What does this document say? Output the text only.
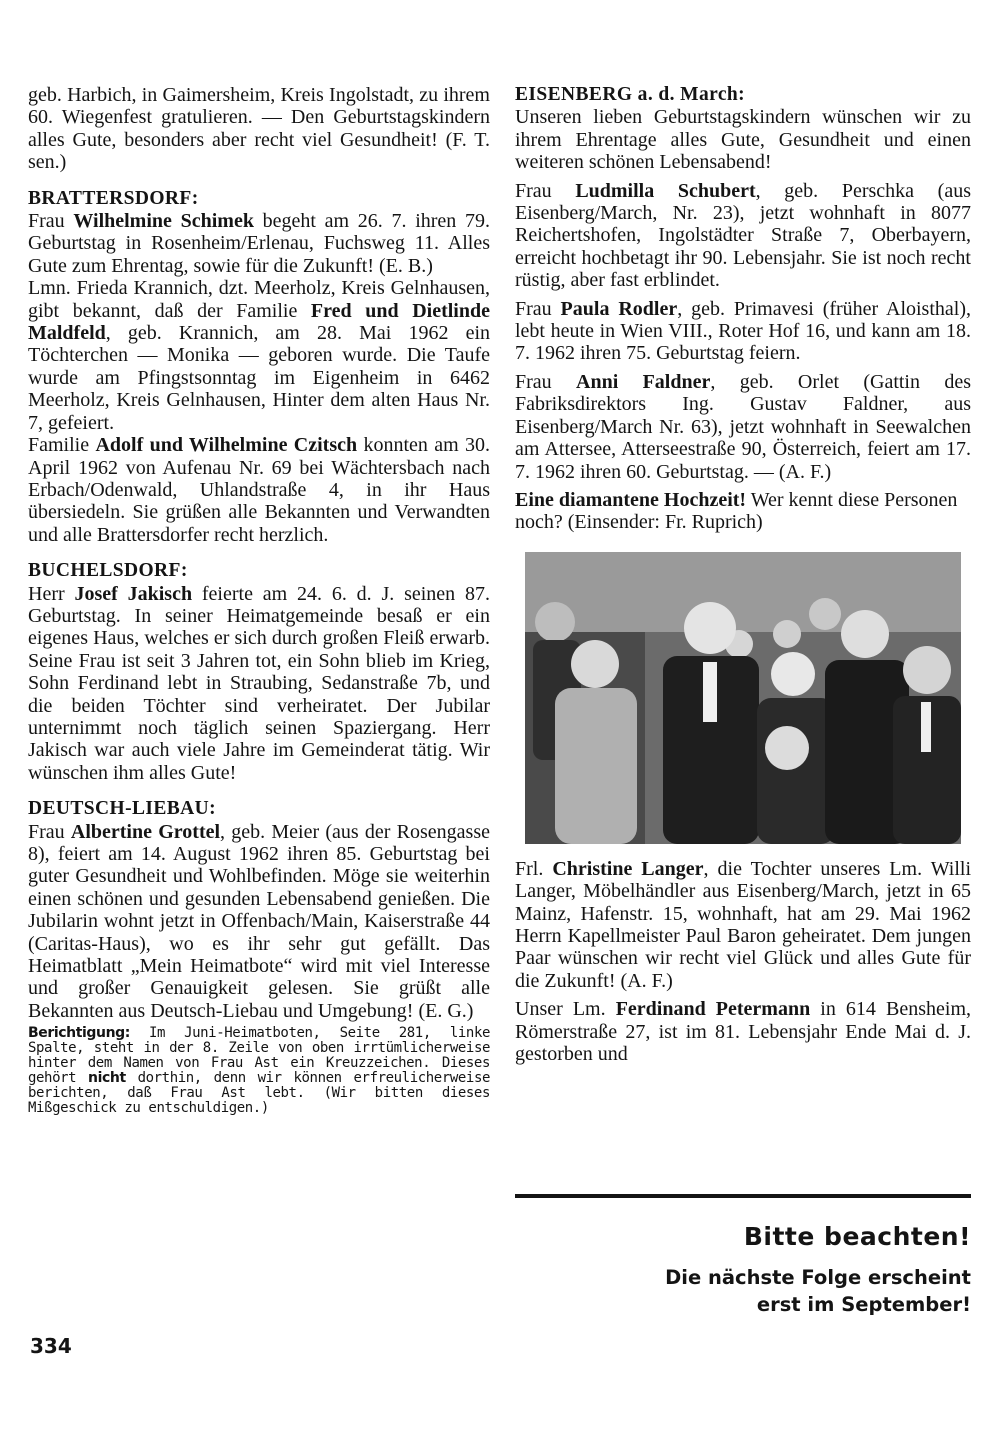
geb. Harbich, in Gaimersheim, Kreis Ingolstadt, zu ihrem 60. Wiegenfest gratulieren. — Den Geburtstagskindern alles Gute, besonders aber recht viel Gesundheit! (F. T. sen.)

BRATTERSDORF:

Frau Wilhelmine Schimek begeht am 26. 7. ihren 79. Geburtstag in Rosenheim/Erlenau, Fuchsweg 11. Alles Gute zum Ehrentag, sowie für die Zukunft! (E. B.)

Lmn. Frieda Krannich, dzt. Meerholz, Kreis Gelnhausen, gibt bekannt, daß der Familie Fred und Dietlinde Maldfeld, geb. Krannich, am 28. Mai 1962 ein Töchterchen — Monika — geboren wurde. Die Taufe wurde am Pfingstsonntag im Eigenheim in 6462 Meerholz, Kreis Gelnhausen, Hinter dem alten Haus Nr. 7, gefeiert.

Familie Adolf und Wilhelmine Czitsch konnten am 30. April 1962 von Aufenau Nr. 69 bei Wächtersbach nach Erbach/Odenwald, Uhlandstraße 4, in ihr Haus übersiedeln. Sie grüßen alle Bekannten und Verwandten und alle Brattersdorfer recht herzlich.

BUCHELSDORF:

Herr Josef Jakisch feierte am 24. 6. d. J. seinen 87. Geburtstag. In seiner Heimatgemeinde besaß er ein eigenes Haus, welches er sich durch großen Fleiß erwarb. Seine Frau ist seit 3 Jahren tot, ein Sohn blieb im Krieg, Sohn Ferdinand lebt in Straubing, Sedanstraße 7b, und die beiden Töchter sind verheiratet. Der Jubilar unternimmt noch täglich seinen Spaziergang. Herr Jakisch war auch viele Jahre im Gemeinderat tätig. Wir wünschen ihm alles Gute!

DEUTSCH-LIEBAU:

Frau Albertine Grottel, geb. Meier (aus der Rosengasse 8), feiert am 14. August 1962 ihren 85. Geburtstag bei guter Gesundheit und Wohlbefinden. Möge sie weiterhin einen schönen und gesunden Lebensabend genießen. Die Jubilarin wohnt jetzt in Offenbach/Main, Kaiserstraße 44 (Caritas-Haus), wo es ihr sehr gut gefällt. Das Heimatblatt „Mein Heimatbote“ wird mit viel Interesse und großer Genauigkeit gelesen. Sie grüßt alle Bekannten aus Deutsch-Liebau und Umgebung! (E. G.)

Berichtigung: Im Juni-Heimatboten, Seite 281, linke Spalte, steht in der 8. Zeile von oben irrtümlicherweise hinter dem Namen von Frau Ast ein Kreuzzeichen. Dieses gehört nicht dorthin, denn wir können erfreulicherweise berichten, daß Frau Ast lebt. (Wir bitten dieses Mißgeschick zu entschuldigen.)

334

EISENBERG a. d. March:

Unseren lieben Geburtstagskindern wünschen wir zu ihrem Ehrentage alles Gute, Gesundheit und einen weiteren schönen Lebensabend!

Frau Ludmilla Schubert, geb. Perschka (aus Eisenberg/March, Nr. 23), jetzt wohnhaft in 8077 Reichertshofen, Ingolstädter Straße 7, Oberbayern, erreicht hochbetagt ihr 90. Lebensjahr. Sie ist noch recht rüstig, aber fast erblindet.

Frau Paula Rodler, geb. Primavesi (früher Aloisthal), lebt heute in Wien VIII., Roter Hof 16, und kann am 18. 7. 1962 ihren 75. Geburtstag feiern.

Frau Anni Faldner, geb. Orlet (Gattin des Fabriksdirektors Ing. Gustav Faldner, aus Eisenberg/March Nr. 63), jetzt wohnhaft in Seewalchen am Attersee, Atterseestraße 90, Österreich, feiert am 17. 7. 1962 ihren 60. Geburtstag. — (A. F.)

Eine diamantene Hochzeit! Wer kennt diese Personen noch? (Einsender: Fr. Ruprich)

Frl. Christine Langer, die Tochter unseres Lm. Willi Langer, Möbelhändler aus Eisenberg/March, jetzt in 65 Mainz, Hafenstr. 15, wohnhaft, hat am 29. Mai 1962 Herrn Kapellmeister Paul Baron geheiratet. Dem jungen Paar wünschen wir recht viel Glück und alles Gute für die Zukunft! (A. F.)

Unser Lm. Ferdinand Petermann in 614 Bensheim, Römerstraße 27, ist im 81. Lebensjahr Ende Mai d. J. gestorben und

Bitte beachten!
Die nächste Folge erscheint
erst im September!
